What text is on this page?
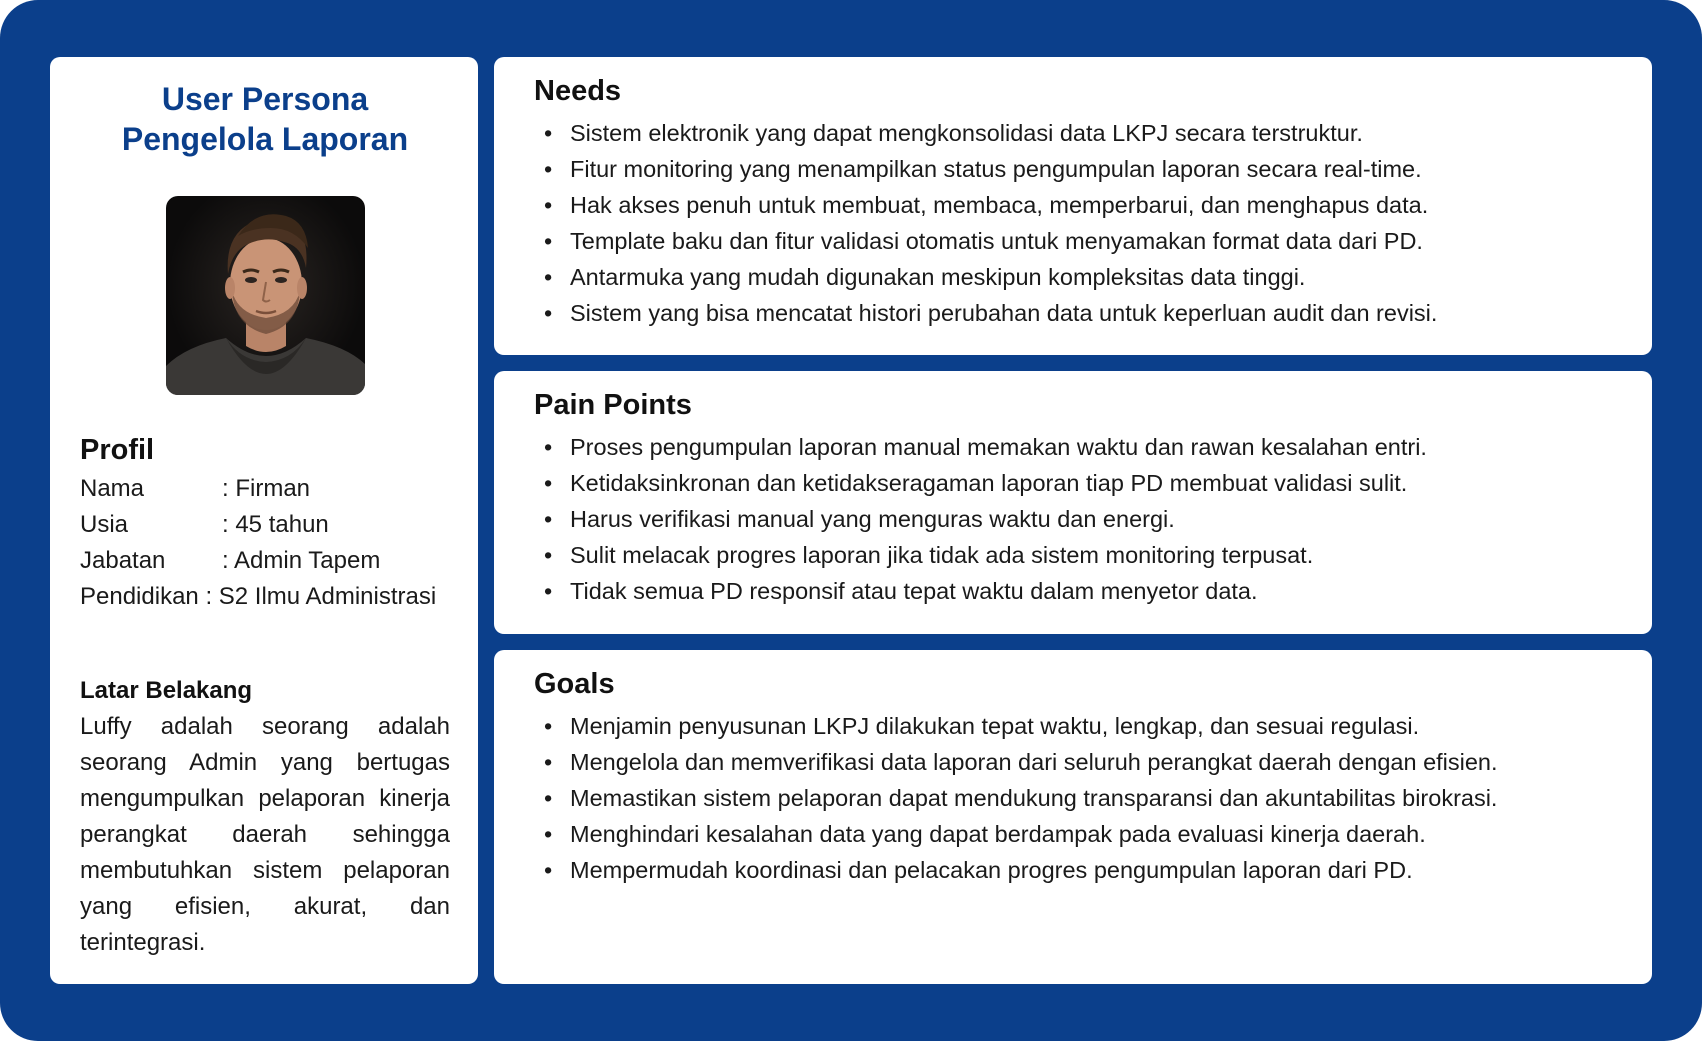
User Persona
Pengelola Laporan
Profil
Nama	: Firman
Usia	: 45 tahun
Jabatan	: Admin Tapem
Pendidikan : S2 Ilmu Administrasi
Latar Belakang

Luffy adalah seorang adalah seorang Admin yang bertugas mengumpulkan pelaporan kinerja perangkat daerah sehingga membutuhkan sistem pelaporan yang efisien, akurat, dan terintegrasi.

Needs
• Sistem elektronik yang dapat mengkonsolidasi data LKPJ secara terstruktur.
• Fitur monitoring yang menampilkan status pengumpulan laporan secara real-time.
• Hak akses penuh untuk membuat, membaca, memperbarui, dan menghapus data.
• Template baku dan fitur validasi otomatis untuk menyamakan format data dari PD.
• Antarmuka yang mudah digunakan meskipun kompleksitas data tinggi.
• Sistem yang bisa mencatat histori perubahan data untuk keperluan audit dan revisi.
Pain Points
• Proses pengumpulan laporan manual memakan waktu dan rawan kesalahan entri.
• Ketidaksinkronan dan ketidakseragaman laporan tiap PD membuat validasi sulit.
• Harus verifikasi manual yang menguras waktu dan energi.
• Sulit melacak progres laporan jika tidak ada sistem monitoring terpusat.
• Tidak semua PD responsif atau tepat waktu dalam menyetor data.
Goals
• Menjamin penyusunan LKPJ dilakukan tepat waktu, lengkap, dan sesuai regulasi.
• Mengelola dan memverifikasi data laporan dari seluruh perangkat daerah dengan efisien.
• Memastikan sistem pelaporan dapat mendukung transparansi dan akuntabilitas birokrasi.
• Menghindari kesalahan data yang dapat berdampak pada evaluasi kinerja daerah.
• Mempermudah koordinasi dan pelacakan progres pengumpulan laporan dari PD.
